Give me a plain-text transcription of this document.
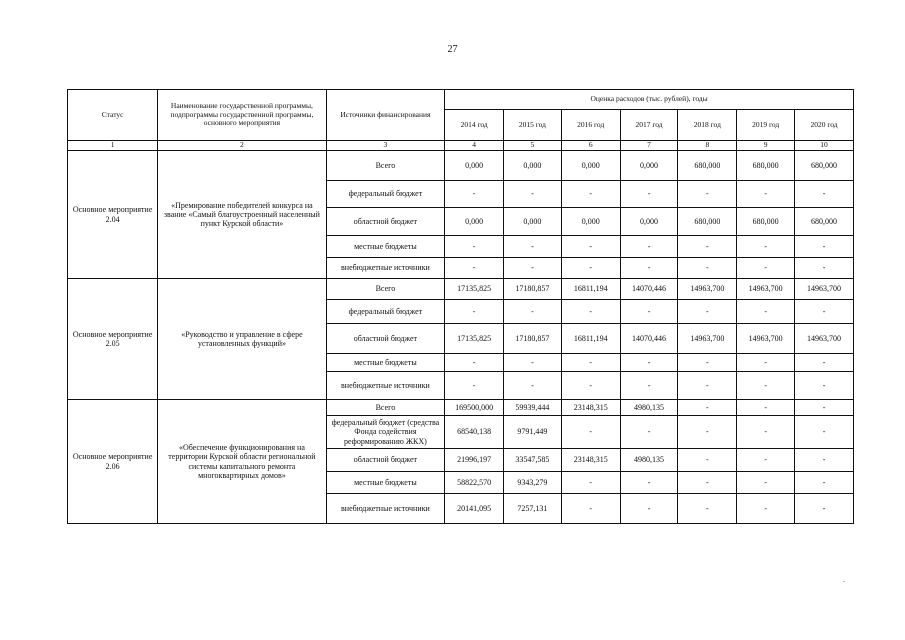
27
Статус	Наименование государственной программы, подпрограммы государственной программы, основного мероприятия	Источники финансирования	Оценка расходов (тыс. рублей), годы						
			2014 год	2015 год	2016 год	2017 год	2018 год	2019 год	2020 год
1	2	3	4	5	6	7	8	9	10
Основное мероприятие 2.04	«Премирование победителей конкурса на звание «Самый благоустроенный населенный пункт Курской области»	Всего	0,000	0,000	0,000	0,000	680,000	680,000	680,000
		федеральный бюджет	-	-	-	-	-	-	-
		областной бюджет	0,000	0,000	0,000	0,000	680,000	680,000	680,000
		местные бюджеты	-	-	-	-	-	-	-
		внебюджетные источники	-	-	-	-	-	-	-
Основное мероприятие 2.05	«Руководство и управление в сфере установленных функций»	Всего	17135,825	17180,857	16811,194	14070,446	14963,700	14963,700	14963,700
		федеральный бюджет	-	-	-	-	-	-	-
		областной бюджет	17135,825	17180,857	16811,194	14070,446	14963,700	14963,700	14963,700
		местные бюджеты	-	-	-	-	-	-	-
		внебюджетные источники	-	-	-	-	-	-	-
Основное мероприятие 2.06	«Обеспечение функционирования на территории Курской области региональной системы капитального ремонта многоквартирных домов»	Всего	169500,000	59939,444	23148,315	4980,135	-	-	-
		федеральный бюджет (средства Фонда содействия реформированию ЖКХ)	68540,138	9791,449	-	-	-	-	-
		областной бюджет	21996,197	33547,585	23148,315	4980,135	-	-	-
		местные бюджеты	58822,570	9343,279	-	-	-	-	-
		внебюджетные источники	20141,095	7257,131	-	-	-	-	-
.
